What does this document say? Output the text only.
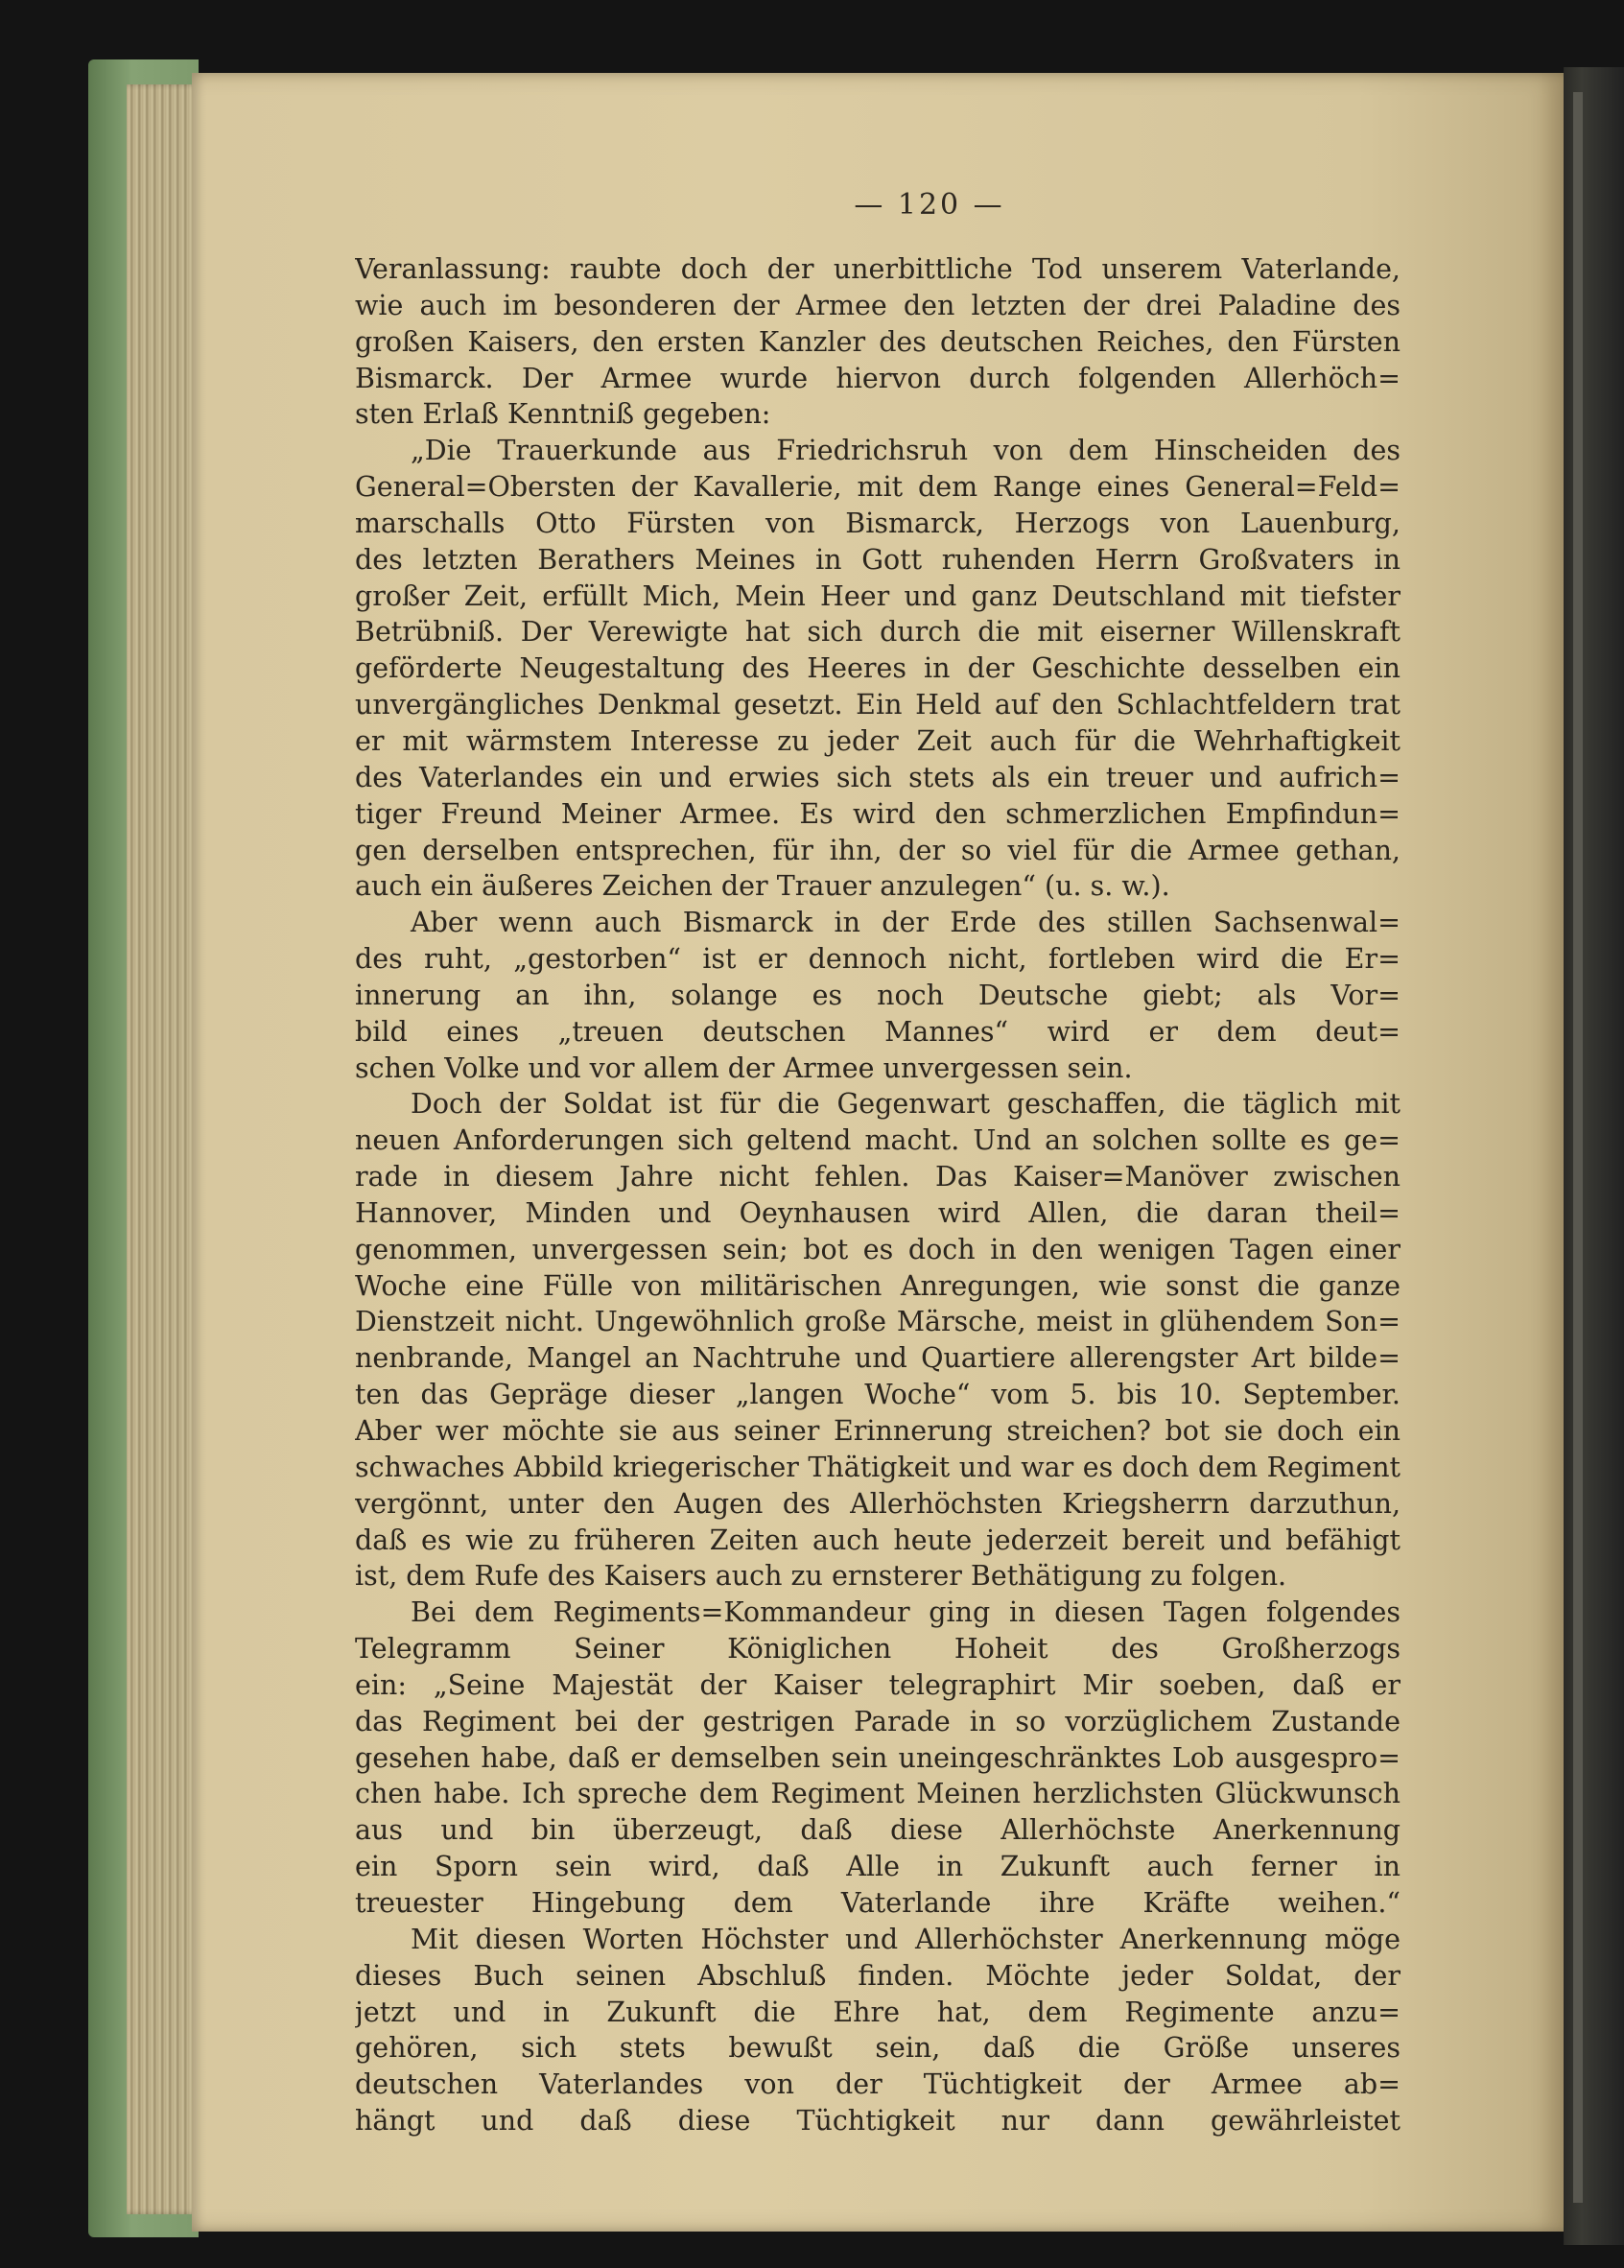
— 120 —
Veranlassung: raubte doch der unerbittliche Tod unserem Vaterlande,
wie auch im besonderen der Armee den letzten der drei Paladine des
großen Kaisers, den ersten Kanzler des deutschen Reiches, den Fürsten
Bismarck. Der Armee wurde hiervon durch folgenden Allerhöch=
sten Erlaß Kenntniß gegeben:
„Die Trauerkunde aus Friedrichsruh von dem Hinscheiden des
General=Obersten der Kavallerie, mit dem Range eines General=Feld=
marschalls Otto Fürsten von Bismarck, Herzogs von Lauenburg,
des letzten Berathers Meines in Gott ruhenden Herrn Großvaters in
großer Zeit, erfüllt Mich, Mein Heer und ganz Deutschland mit tiefster
Betrübniß. Der Verewigte hat sich durch die mit eiserner Willenskraft
geförderte Neugestaltung des Heeres in der Geschichte desselben ein
unvergängliches Denkmal gesetzt. Ein Held auf den Schlachtfeldern trat
er mit wärmstem Interesse zu jeder Zeit auch für die Wehrhaftigkeit
des Vaterlandes ein und erwies sich stets als ein treuer und aufrich=
tiger Freund Meiner Armee. Es wird den schmerzlichen Empfindun=
gen derselben entsprechen, für ihn, der so viel für die Armee gethan,
auch ein äußeres Zeichen der Trauer anzulegen“ (u. s. w.).
Aber wenn auch Bismarck in der Erde des stillen Sachsenwal=
des ruht, „gestorben“ ist er dennoch nicht, fortleben wird die Er=
innerung an ihn, solange es noch Deutsche giebt; als Vor=
bild eines „treuen deutschen Mannes“ wird er dem deut=
schen Volke und vor allem der Armee unvergessen sein.
Doch der Soldat ist für die Gegenwart geschaffen, die täglich mit
neuen Anforderungen sich geltend macht. Und an solchen sollte es ge=
rade in diesem Jahre nicht fehlen. Das Kaiser=Manöver zwischen
Hannover, Minden und Oeynhausen wird Allen, die daran theil=
genommen, unvergessen sein; bot es doch in den wenigen Tagen einer
Woche eine Fülle von militärischen Anregungen, wie sonst die ganze
Dienstzeit nicht. Ungewöhnlich große Märsche, meist in glühendem Son=
nenbrande, Mangel an Nachtruhe und Quartiere allerengster Art bilde=
ten das Gepräge dieser „langen Woche“ vom 5. bis 10. September.
Aber wer möchte sie aus seiner Erinnerung streichen? bot sie doch ein
schwaches Abbild kriegerischer Thätigkeit und war es doch dem Regiment
vergönnt, unter den Augen des Allerhöchsten Kriegsherrn darzuthun,
daß es wie zu früheren Zeiten auch heute jederzeit bereit und befähigt
ist, dem Rufe des Kaisers auch zu ernsterer Bethätigung zu folgen.
Bei dem Regiments=Kommandeur ging in diesen Tagen folgendes
Telegramm Seiner Königlichen Hoheit des Großherzogs
ein: „Seine Majestät der Kaiser telegraphirt Mir soeben, daß er
das Regiment bei der gestrigen Parade in so vorzüglichem Zustande
gesehen habe, daß er demselben sein uneingeschränktes Lob ausgespro=
chen habe. Ich spreche dem Regiment Meinen herzlichsten Glückwunsch
aus und bin überzeugt, daß diese Allerhöchste Anerkennung
ein Sporn sein wird, daß Alle in Zukunft auch ferner in
treuester Hingebung dem Vaterlande ihre Kräfte weihen.“
Mit diesen Worten Höchster und Allerhöchster Anerkennung möge
dieses Buch seinen Abschluß finden. Möchte jeder Soldat, der
jetzt und in Zukunft die Ehre hat, dem Regimente anzu=
gehören, sich stets bewußt sein, daß die Größe unseres
deutschen Vaterlandes von der Tüchtigkeit der Armee ab=
hängt und daß diese Tüchtigkeit nur dann gewährleistet
